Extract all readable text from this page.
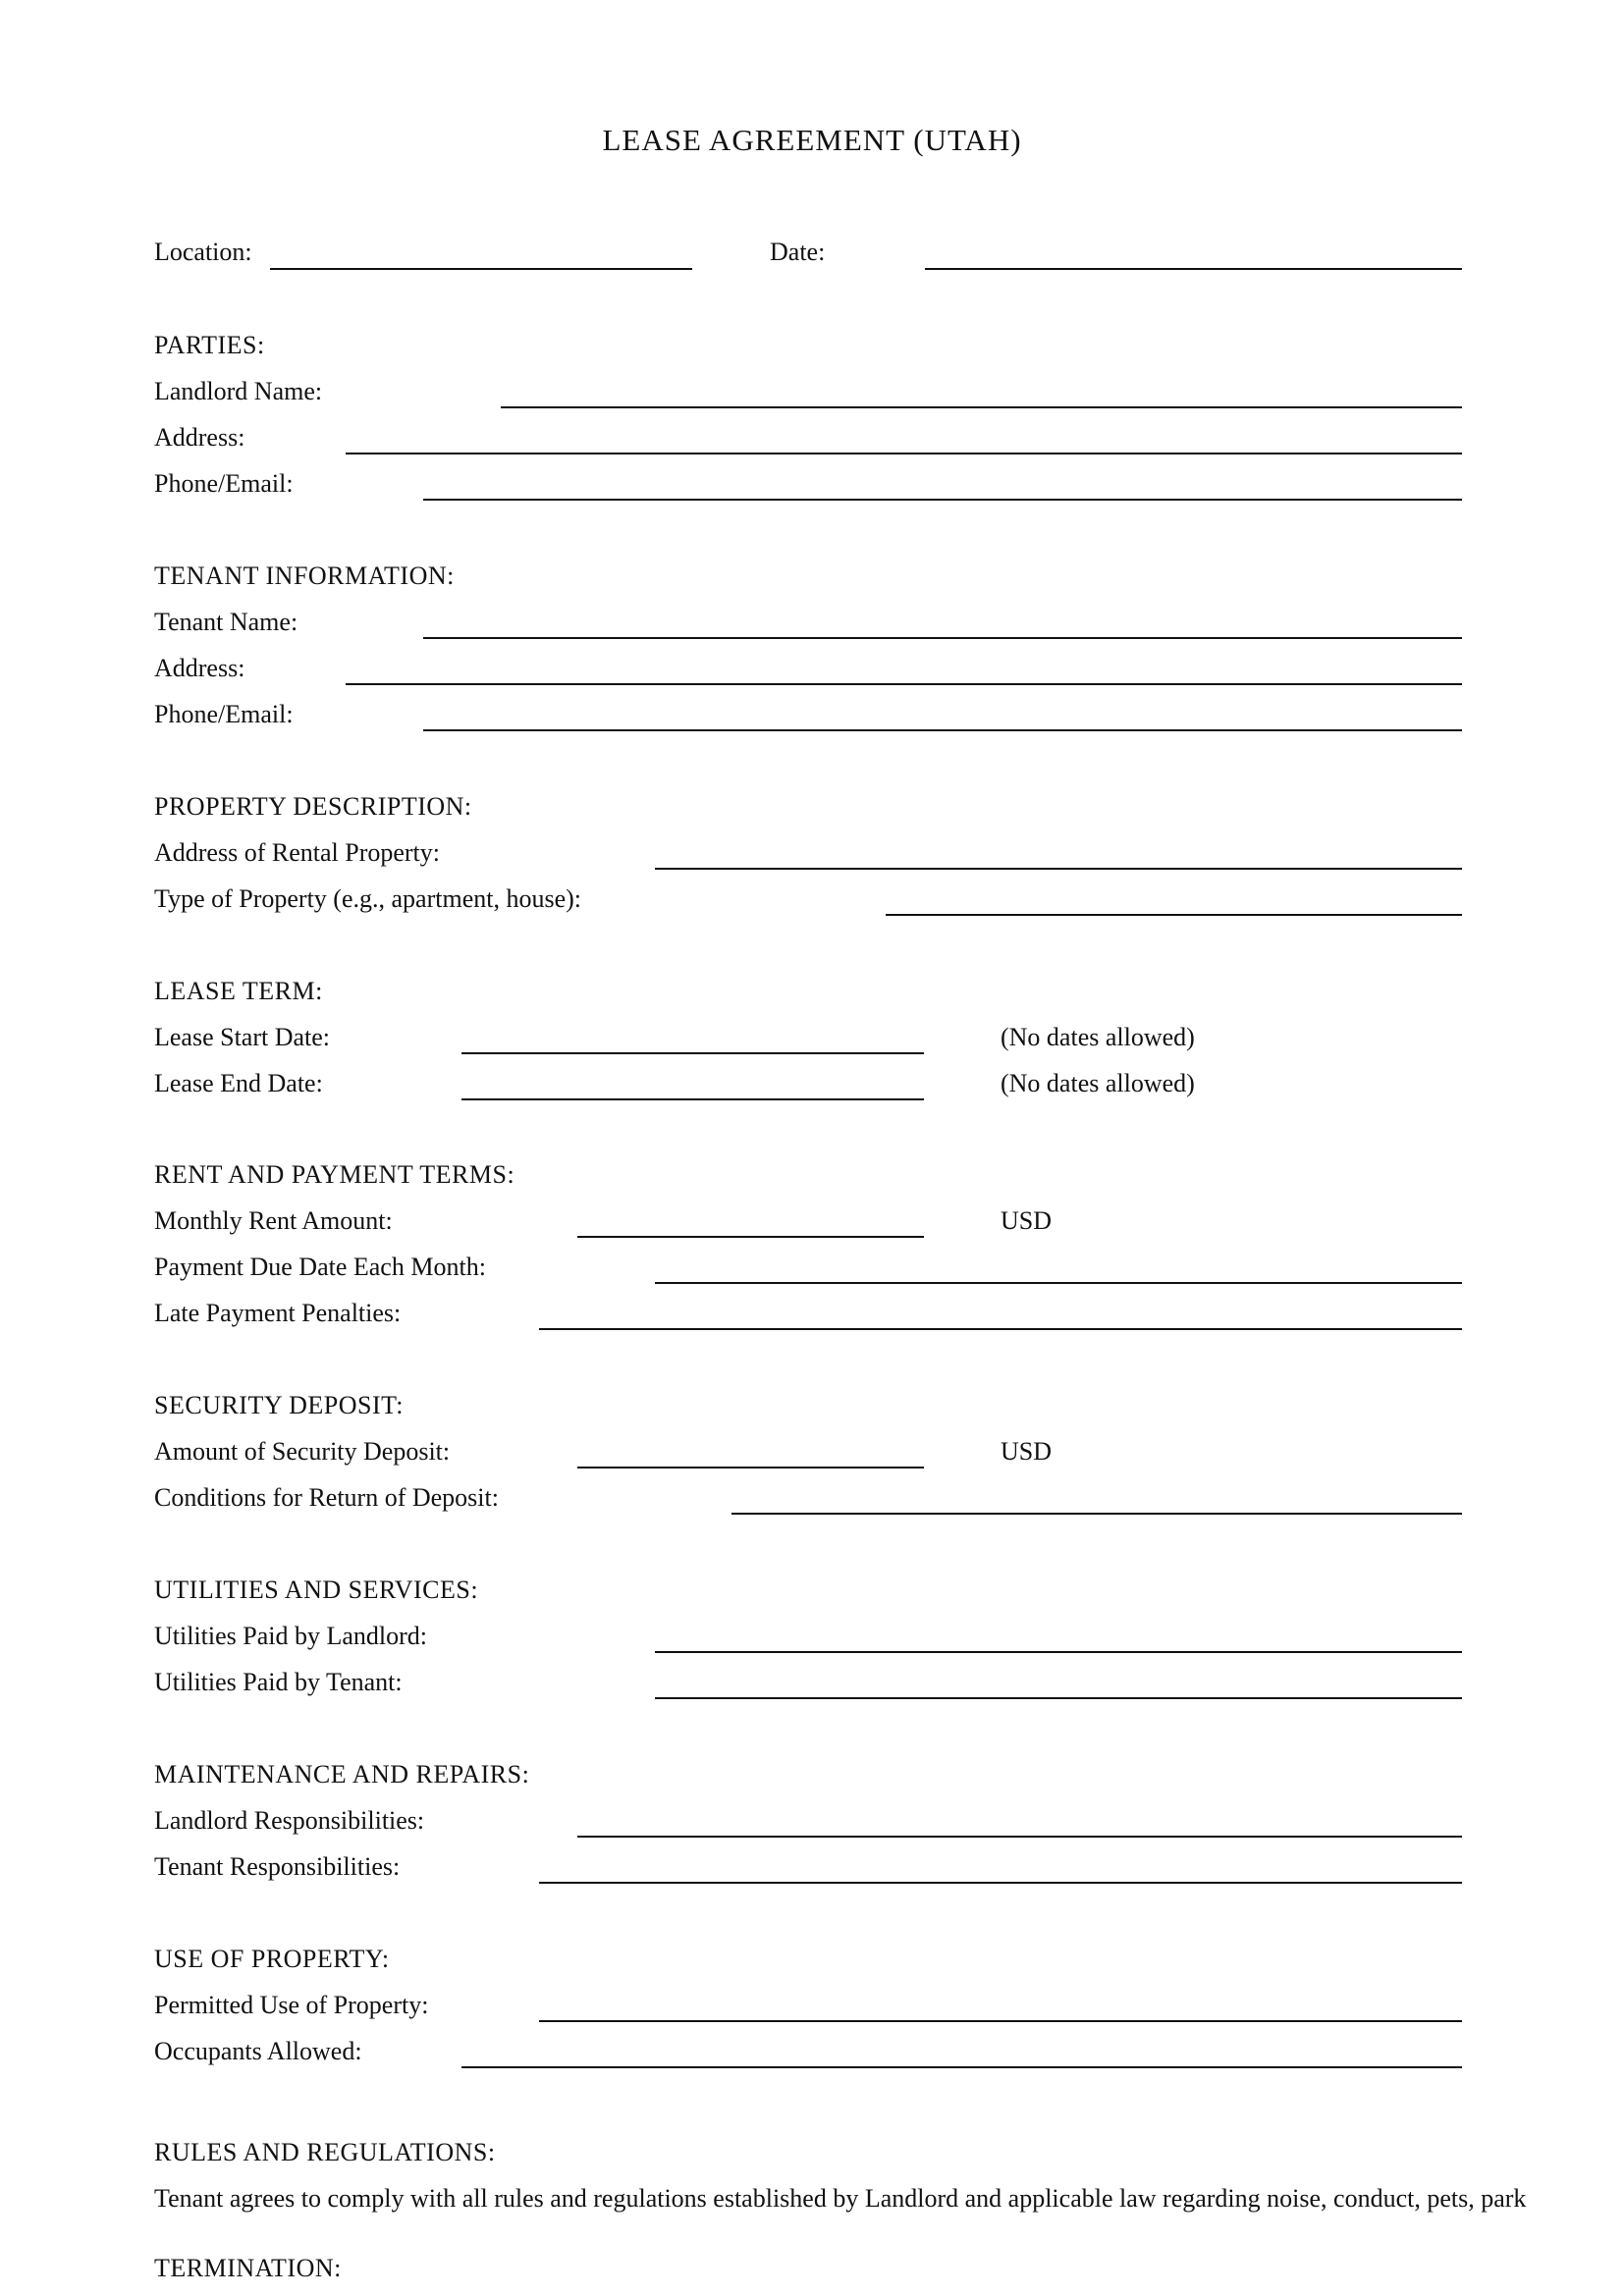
LEASE AGREEMENT (UTAH)
Location:	Date:
PARTIES:
Landlord Name:
Address:
Phone/Email:
TENANT INFORMATION:
Tenant Name:
Address:
Phone/Email:
PROPERTY DESCRIPTION:
Address of Rental Property:
Type of Property (e.g., apartment, house):
LEASE TERM:
Lease Start Date:	(No dates allowed)
Lease End Date:	(No dates allowed)
RENT AND PAYMENT TERMS:
Monthly Rent Amount:	USD
Payment Due Date Each Month:
Late Payment Penalties:
SECURITY DEPOSIT:
Amount of Security Deposit:	USD
Conditions for Return of Deposit:
UTILITIES AND SERVICES:
Utilities Paid by Landlord:
Utilities Paid by Tenant:
MAINTENANCE AND REPAIRS:
Landlord Responsibilities:
Tenant Responsibilities:
USE OF PROPERTY:
Permitted Use of Property:
Occupants Allowed:
RULES AND REGULATIONS:
Tenant agrees to comply with all rules and regulations established by Landlord and applicable law regarding noise, conduct, pets, park
TERMINATION:
